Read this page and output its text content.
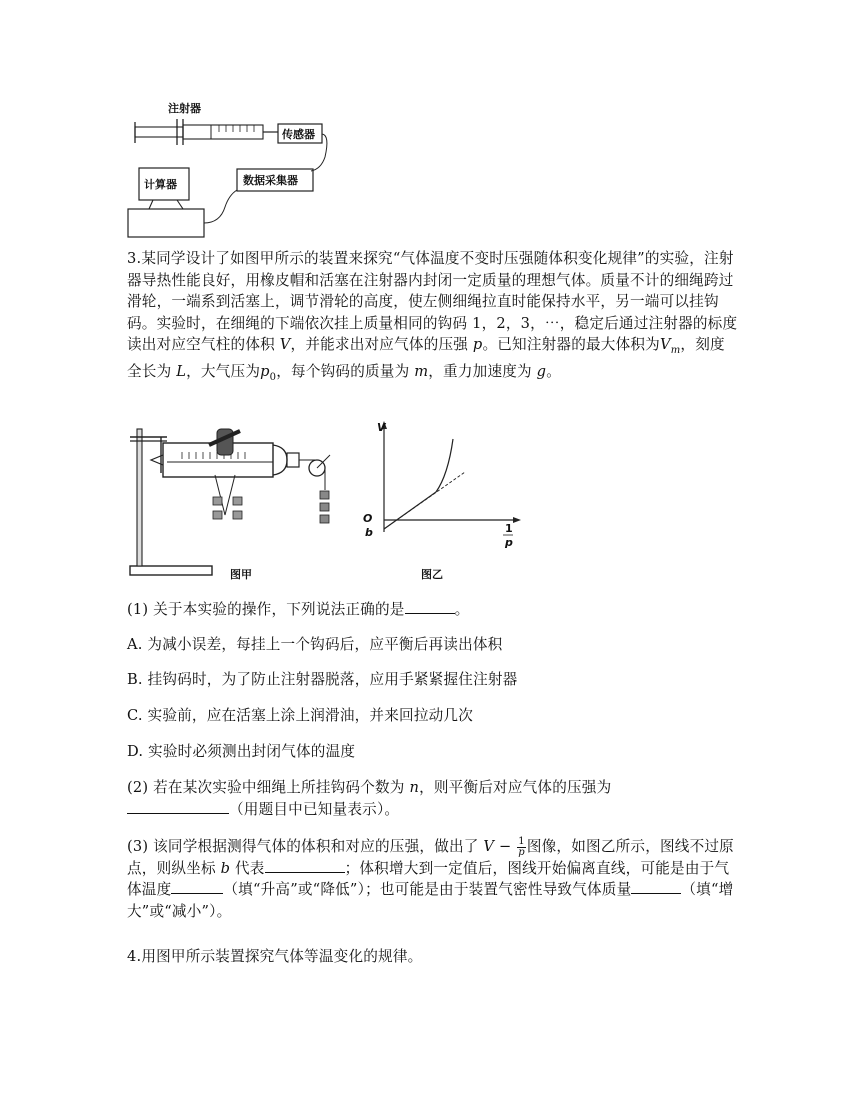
注射器
传感器
数据采集器
计算器

3.某同学设计了如图甲所示的装置来探究“气体温度不变时压强随体积变化规律”的实验，注射器导热性能良好，用橡皮帽和活塞在注射器内封闭一定质量的理想气体。质量不计的细绳跨过滑轮，一端系到活塞上，调节滑轮的高度，使左侧细绳拉直时能保持水平，另一端可以挂钩码。实验时，在细绳的下端依次挂上质量相同的钩码 1，2，3，⋯，稳定后通过注射器的标度读出对应空气柱的体积 V，并能求出对应气体的压强 p。已知注射器的最大体积为$V_m$，刻度全长为 L，大气压为$p_0$，每个钩码的质量为 m，重力加速度为 g。

图甲
V
O
b	1
p
图乙

(1) 关于本实验的操作，下列说法正确的是	。

A. 为减小误差，每挂上一个钩码后，应平衡后再读出体积

B. 挂钩码时，为了防止注射器脱落，应用手紧紧握住注射器

C. 实验前，应在活塞上涂上润滑油，并来回拉动几次

D. 实验时必须测出封闭气体的温度

(2) 若在某次实验中细绳上所挂钩码个数为 n，则平衡后对应气体的压强为
（用题目中已知量表示）。

(3) 该同学根据测得气体的体积和对应的压强，做出了 $V - \frac{1}{p}$ 图像，如图乙所示，图线不过原点，则纵坐标 b 代表	；体积增大到一定值后，图线开始偏离直线，可能是由于气体温度	（填“升高”或“降低”）；也可能是由于装置气密性导致气体质量	（填“增大”或“减小”）。

4.用图甲所示装置探究气体等温变化的规律。
